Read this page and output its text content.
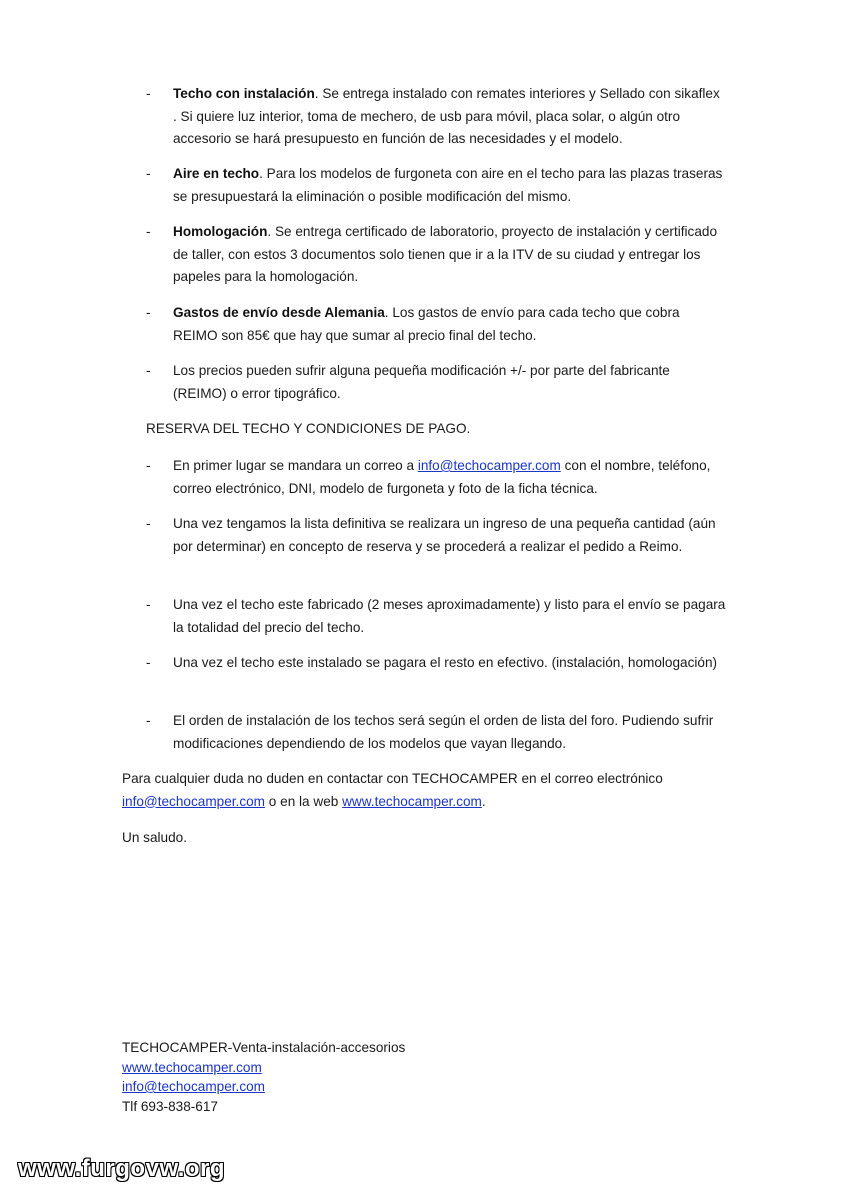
- Techo con instalación. Se entrega instalado con remates interiores y Sellado con sikaflex . Si quiere luz interior, toma de mechero, de usb para móvil, placa solar, o algún otro accesorio se hará presupuesto en función de las necesidades y el modelo.
- Aire en techo. Para los modelos de furgoneta con aire en el techo para las plazas traseras se presupuestará la eliminación o posible modificación del mismo.
- Homologación. Se entrega certificado de laboratorio, proyecto de instalación y certificado de taller, con estos 3 documentos solo tienen que ir a la ITV de su ciudad y entregar los papeles para la homologación.
- Gastos de envío desde Alemania. Los gastos de envío para cada techo que cobra REIMO son 85€ que hay que sumar al precio final del techo.
- Los precios pueden sufrir alguna pequeña modificación +/- por parte del fabricante (REIMO) o error tipográfico.
RESERVA DEL TECHO Y CONDICIONES DE PAGO.
- En primer lugar se mandara un correo a info@techocamper.com con el nombre, teléfono, correo electrónico, DNI, modelo de furgoneta y foto de la ficha técnica.
- Una vez tengamos la lista definitiva se realizara un ingreso de una pequeña cantidad (aún por determinar) en concepto de reserva y se procederá a realizar el pedido a Reimo.
- Una vez el techo este fabricado (2 meses aproximadamente) y listo para el envío se pagara la totalidad del precio del techo.
- Una vez el techo este instalado se pagara el resto en efectivo. (instalación, homologación)
- El orden de instalación de los techos será según el orden de lista del foro. Pudiendo sufrir modificaciones dependiendo de los modelos que vayan llegando.
Para cualquier duda no duden en contactar con TECHOCAMPER en el correo electrónico info@techocamper.com o en la web www.techocamper.com.
Un saludo.
TECHOCAMPER-Venta-instalación-accesorios
www.techocamper.com
info@techocamper.com
Tlf 693-838-617
www.furgovw.org
